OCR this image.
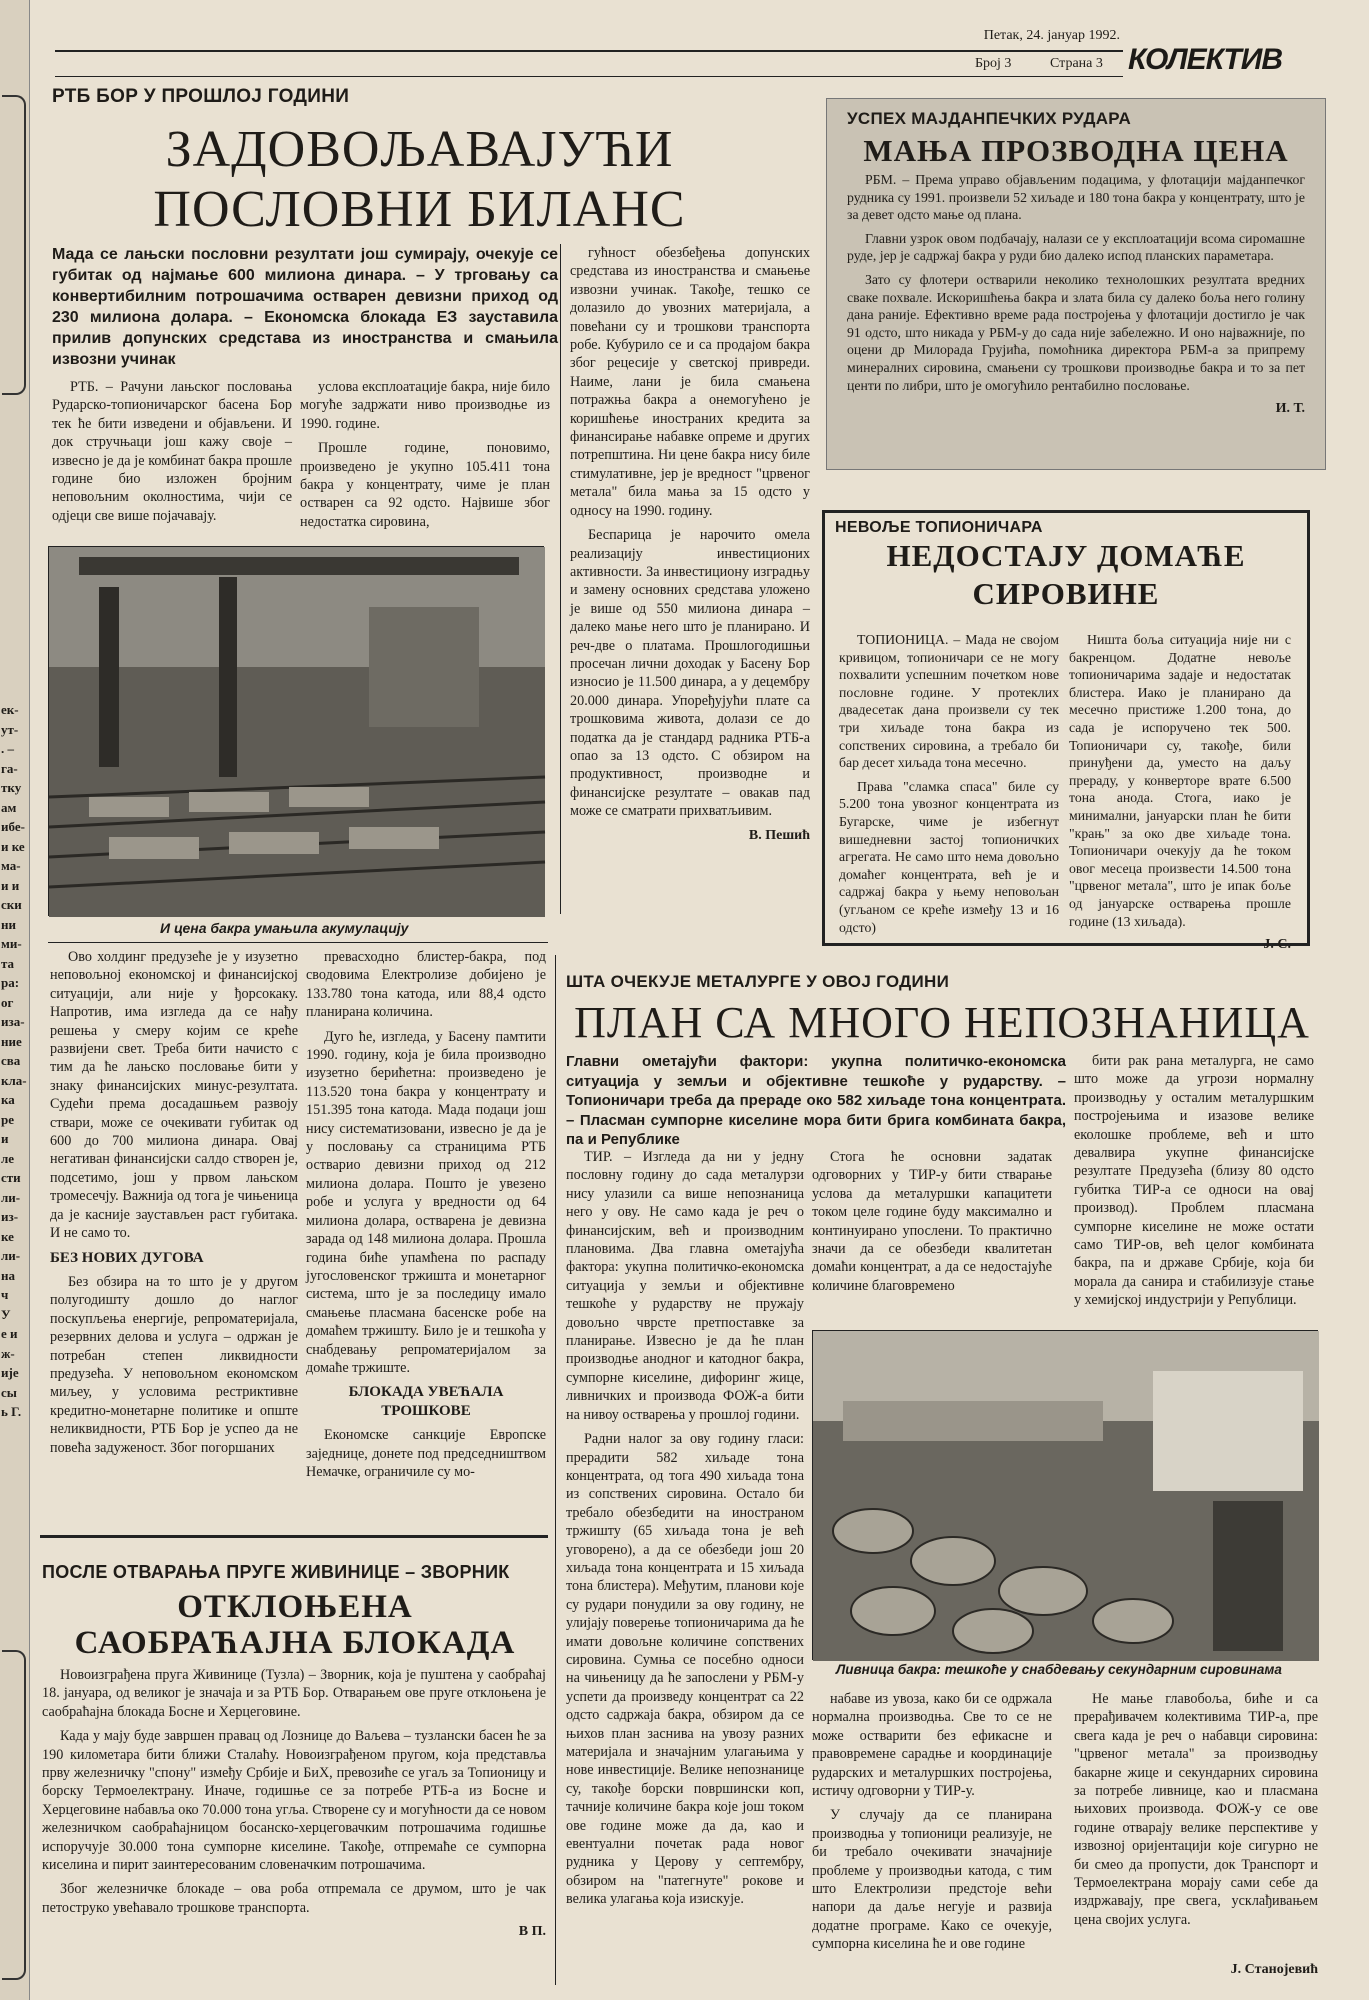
ек-
ут-
. –
га-
тку
ам
ибе-
и ке
ма-
и и
ски
ни
ми-
та
ра:
ог
иза-
ние
сва
кла-
ка
ре
и
ле
сти
ли-
из-
ке
ли-
на
ч
У
е и
ж-
ије
сы
ь Г.
Петак, 24. јануар 1992.
Број 3	Страна 3 КОЛЕКТИВ
РТБ БОР У ПРОШЛОЈ ГОДИНИ
ЗАДОВОЉАВАЈУЋИ
ПОСЛОВНИ БИЛАНС
Мада се лањски пословни резултати још сумирају, очекује се губитак од најмање 600 милиона динара. – У трговању са конвертибилним потрошачима остварен девизни приход од 230 милиона долара. – Економска блокада ЕЗ зауставила прилив допунских средстава из иностранства и смањила извозни учинак

РТБ. – Рачуни лањског пословања Рударско-топионичарског басена Бор тек ће бити изведени и објављени. И док стручњаци још кажу своје – извесно је да је комбинат бакра прошле године био изложен бројним неповољним околностима, чији се одјеци све више појачавају.

услова експлоатације бакра, није било могуће задржати ниво производње из 1990. године.

Прошле године, поновимо, произведено је укупно 105.411 тона бакра у концентрату, чиме је план остварен са 92 одсто. Највише због недостатка сировина,

гућност обезбеђења допунских средстава из иностранства и смањење извозни учинак. Такође, тешко се долазило до увозних материјала, а повећани су и трошкови транспорта робе. Кубурило се и са продајом бакра због рецесије у светској привреди. Наиме, лани је била смањена потражња бакра а онемогућено је коришћење иностраних кредита за финансирање набавке опреме и других потрепштина. Ни цене бакра нису биле стимулативне, јер је вредност "црвеног метала" била мања за 15 одсто у односу на 1990. годину.

Беспарица је нарочито омела реализацију инвестиционих активности. За инвестициону изградњу и замену основних средстава уложено је више од 550 милиона динара – далеко мање него што је планирано. И реч-две о платама. Прошлогодишњи просечан лични доходак у Басену Бор износио је 11.500 динара, а у децембру 20.000 динара. Упоређујући плате са трошковима живота, долази се до податка да је стандард радника РТБ-а опао за 13 одсто. С обзиром на продуктивност, производне и финансијске резултате – овакав пад може се сматрати прихватљивим.

В. Пешић

И цена бакра умањила акумулацију

Ово холдинг предузеће је у изузетно неповољној економској и финансијској ситуацији, али није у ђорсокаку. Напротив, има изгледа да се нађу решења у смеру којим се креће развијени свет. Треба бити начисто с тим да ће лањско пословање бити у знаку финансијских минус-резултата. Судећи према досадашњем развоју ствари, може се очекивати губитак од 600 до 700 милиона динара. Овај негативан финансијски салдо створен је, подсетимо, још у првом лањском тромесечју. Важнија од тога је чињеница да је касније заустављен раст губитака. И не само то.

БЕЗ НОВИХ ДУГОВА

Без обзира на то што је у другом полугодишту дошло до наглог поскупљења енергије, репроматеријала, резервних делова и услуга – одржан је потребан степен ликвидности предузећа. У неповољном економском миљеу, у условима рестриктивне кредитно-монетарне политике и опште неликвидности, РТБ Бор је успео да не повећа задуженост. Због погоршаних

превасходно блистер-бакра, под сводовима Електролизе добијено је 133.780 тона катода, или 88,4 одсто планирана количина.

Дуго ће, изгледа, у Басену памтити 1990. годину, која је била производно изузетно берићетна: произведено је 113.520 тона бакра у концентрату и 151.395 тона катода. Мада подаци још нису систематизовани, извесно је да је у пословању са страницима РТБ остварио девизни приход од 212 милиона долара. Пошто је увезено робе и услуга у вредности од 64 милиона долара, остварена је девизна зарада од 148 милиона долара. Прошла година биће упамћена по распаду југословенског тржишта и монетарног система, што је за последицу имало смањење пласмана басенске робе на домаћем тржишту. Било је и тешкоћа у снабдевању репроматеријалом за домаће тржиште.

БЛОКАДА УВЕЋАЛА ТРОШКОВЕ

Економске санкције Европске заједнице, донете под председништвом Немачке, ограничиле су мо-

УСПЕХ МАЈДАНПЕЧКИХ РУДАРА
МАЊА ПРОЗВОДНА ЦЕНА

РБМ. – Према управо објављеним подацима, у флотацији мајданпечког рудника су 1991. произвели 52 хиљаде и 180 тона бакра у концентрату, што је за девет одсто мање од плана.

Главни узрок овом подбачају, налази се у експлоатацији всома сиромашне руде, јер је садржај бакра у руди био далеко испод планских параметара.

Зато су флотери остварили неколико технолошких резултата вредних сваке похвале. Искоришћења бакра и злата била су далеко боља него голину дана раније. Ефективно време рада постројења у флотацији достигло је чак 91 одсто, што никада у РБМ-у до сада није забележно. И оно најважније, по оцени др Милорада Грујића, помоћника директора РБМ-а за припрему минералних сировина, смањени су трошкови производње бакра и то за пет центи по либри, што је омогућило рентабилно пословање.

И. Т.

НЕВОЉЕ ТОПИОНИЧАРА
НЕДОСТАЈУ ДОМАЋЕ
СИРОВИНЕ

ТОПИОНИЦА. – Мада не својом кривицом, топионичари се не могу похвалити успешним почетком нове пословне године. У протеклих двадесетак дана произвели су тек три хиљаде тона бакра из сопствених сировина, а требало би бар десет хиљада тона месечно.

Права "сламка спаса" биле су 5.200 тона увозног концентрата из Бугарске, чиме је избегнут вишедневни застој топионичких агрегата. Не само што нема довољно домаћег концентрата, већ је и садржај бакра у њему неповољан (угљаном се креће између 13 и 16 одсто)

Ништа боља ситуација није ни с бакренцом. Додатне невоље топионичарима задаје и недостатак блистера. Иако је планирано да месечно пристиже 1.200 тона, до сада је испоручено тек 500. Топионичари су, такође, били принуђени да, уместо на даљу прераду, у конверторе врате 6.500 тона анода. Стога, иако је минимални, јануарски план ће бити "крањ" за око две хиљаде тона. Топионичари очекују да ће током овог месеца произвести 14.500 тона "црвеног метала", што је ипак боље од јануарске остварења прошле године (13 хиљада).

Ј. С.

ШТА ОЧЕКУЈЕ МЕТАЛУРГЕ У ОВОЈ ГОДИНИ
ПЛАН СА МНОГО НЕПОЗНАНИЦА
Главни ометајући фактори: укупна политичко-економска ситуација у земљи и објективне тешкоће у рударству. – Топионичари треба да прераде око 582 хиљаде тона концентрата. – Пласман сумпорне киселине мора бити брига комбината бакра, па и Републике

ТИР. – Изгледа да ни у једну пословну годину до сада металурзи нису улазили са више непознаница него у ову. Не само када је реч о финансијским, већ и производним плановима. Два главна ометајућа фактора: укупна политичко-економска ситуација у земљи и објективне тешкоће у рударству не пружају довољно чврсте претпоставке за планирање. Извесно је да ће план производње анодног и катодног бакра, сумпорне киселине, дифоринг жице, ливничких и производа ФОЖ-а бити на нивоу остварења у прошлој години.

Радни налог за ову годину гласи: прерадити 582 хиљаде тона концентрата, од тога 490 хиљада тона из сопствених сировина. Остало би требало обезбедити на иностраном тржишту (65 хиљада тона је већ уговорено), а да се обезбеди још 20 хиљада тона концентрата и 15 хиљада тона блистера). Међутим, планови које су рудари понудили за ову годину, не улијају поверење топионичарима да ће имати довољне количине сопствених сировина. Сумња се посебно односи на чињеницу да ће запослени у РБМ-у успети да произведу концентрат са 22 одсто садржаја бакра, обзиром да се њихов план заснива на увозу разних материјала и значајним улагањима у нове инвестиције. Велике непознанице су, такође борски површински коп, тачније количине бакра које још током ове године може да да, као и евентуални почетак рада новог рудника у Церову у септембру, обзиром на "патегнуте" рокове и велика улагања која изискује.

Стога ће основни задатак одговорних у ТИР-у бити стварање услова да металуршки капацитети током целе године буду максимално и континуирано упослени. То практично значи да се обезбеди квалитетан домаћи концентрат, а да се недостајуће количине благовремено

бити рак рана металурга, не само што може да угрози нормалну производњу у осталим металуршким постројењима и изазове велике еколошке проблеме, већ и што девалвира укупне финансијске резултате Предузећа (близу 80 одсто губитка ТИР-а се односи на овај производ). Проблем пласмана сумпорне киселине не може остати само ТИР-ов, већ целог комбината бакра, па и државе Србије, која би морала да санира и стабилизује стање у хемијској индустрији у Републици.

Ливница бакра: тешкоће у снабдевању секундарним сировинама

набаве из увоза, како би се одржала нормална производња. Све то се не може остварити без ефикасне и правовремене сарадње и координације рударских и металуршких постројења, истичу одговорни у ТИР-у.

У случају да се планирана производња у топионици реализује, не би требало очекивати значајније проблеме у производњи катода, с тим што Електролизи предстоје већи напори да даље негује и развија додатне програме. Како се очекује, сумпорна киселина ће и ове године

Не мање главобоља, биће и са прерађивачем колективима ТИР-а, пре свега када је реч о набавци сировина: "црвеног метала" за производњу бакарне жице и секундарних сировина за потребе ливнице, као и пласмана њихових производа. ФОЖ-у се ове године отварају велике перспективе у извозној оријентацији које сигурно не би смео да пропусти, док Транспорт и Термоелектрана морају сами себе да издржавају, пре свега, усклађивањем цена својих услуга.

Ј. Станојевић
ПОСЛЕ ОТВАРАЊА ПРУГЕ ЖИВИНИЦЕ – ЗВОРНИК
ОТКЛОЊЕНА
САОБРАЋАЈНА БЛОКАДА

Новоизграђена пруга Живинице (Тузла) – Зворник, која је пуштена у саобраћај 18. јануара, од великог је значаја и за РТБ Бор. Отварањем ове пруге отклоњена је саобраћајна блокада Босне и Херцеговине.

Када у мају буде завршен правац од Лознице до Ваљева – тузлански басен ће за 190 километара бити ближи Сталаћу. Новоизграђеном пругом, која представља прву железничку "спону" између Србије и БиХ, превозиће се угаљ за Топионицу и борску Термоелектрану. Иначе, годишње се за потребе РТБ-а из Босне и Херцеговине набавља око 70.000 тона угља. Створене су и могућности да се новом железничком саобраћајницом босанско-херцеговачким потрошачима годишње испоручује 30.000 тона сумпорне киселине. Такође, отпремаће се сумпорна киселина и пирит заинтересованим словеначким потрошачима.

Због железничке блокаде – ова роба отпремала се друмом, што је чак петоструко увећавало трошкове транспорта.

В П.
